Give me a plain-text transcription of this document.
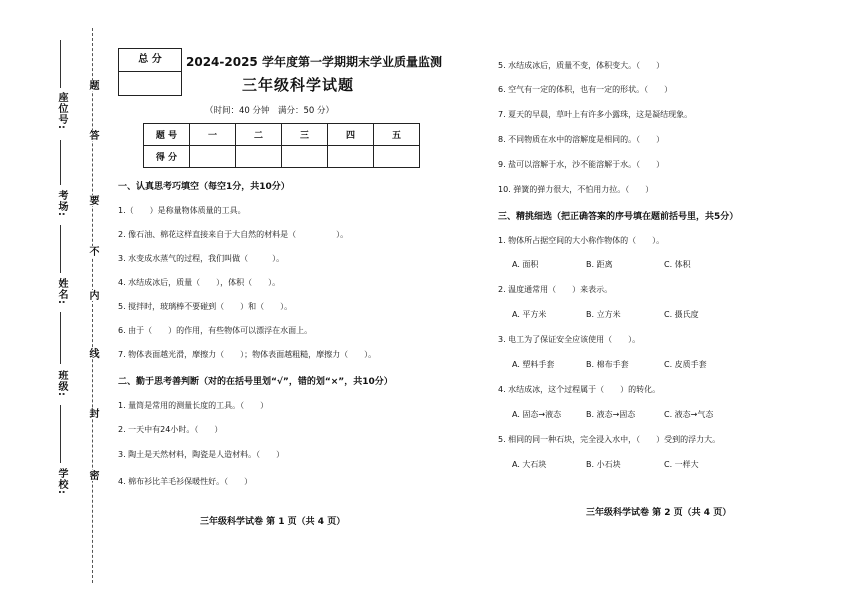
学校:
班级:
姓名:
考场:
座位号:
密
封
线
内
不
要
答
题
总 分	2024-2025 学年度第一学期期末学业质量监测
三年级科学试题
（时间：40 分钟　满分：50 分）
题 号	一	二	三	四	五
得 分					
一、认真思考巧填空（每空1分，共10分）
1.（　　）是称量物体质量的工具。
2. 像石油、棉花这样直接来自于大自然的材料是（　　　　　）。
3. 水变成水蒸气的过程，我们叫做（　　　）。
4. 水结成冰后，质量（　　），体积（　　）。
5. 搅拌时，玻璃棒不要碰到（　　）和（　　）。
6. 由于（　　）的作用，有些物体可以漂浮在水面上。
7. 物体表面越光滑，摩擦力（　　）；物体表面越粗糙，摩擦力（　　）。
二、勤于思考善判断（对的在括号里划“√”，错的划“×”，共10分）
1. 量筒是常用的测量长度的工具。（　　）
2. 一天中有24小时。（　　）
3. 陶土是天然材料，陶瓷是人造材料。（　　）
4. 棉布衫比羊毛衫保暖性好。（　　）
三年级科学试卷 第 1 页（共 4 页）
5. 水结成冰后，质量不变，体积变大。（　　）
6. 空气有一定的体积，也有一定的形状。（　　）
7. 夏天的早晨，草叶上有许多小露珠，这是凝结现象。
8. 不同物质在水中的溶解度是相同的。（　　）
9. 盐可以溶解于水，沙不能溶解于水。（　　）
10. 弹簧的弹力很大，不怕用力拉。（　　）
三、精挑细选（把正确答案的序号填在题前括号里，共5分）
1. 物体所占据空间的大小称作物体的（　　）。
A. 面积	B. 距离	C. 体积
2. 温度通常用（　　）来表示。
A. 平方米	B. 立方米	C. 摄氏度
3. 电工为了保证安全应该使用（　　）。
A. 塑料手套	B. 棉布手套	C. 皮质手套
4. 水结成冰，这个过程属于（　　）的转化。
A. 固态→液态	B. 液态→固态	C. 液态→气态
5. 相同的同一种石块，完全浸入水中，（　　）受到的浮力大。
A. 大石块	B. 小石块	C. 一样大
三年级科学试卷 第 2 页（共 4 页）
